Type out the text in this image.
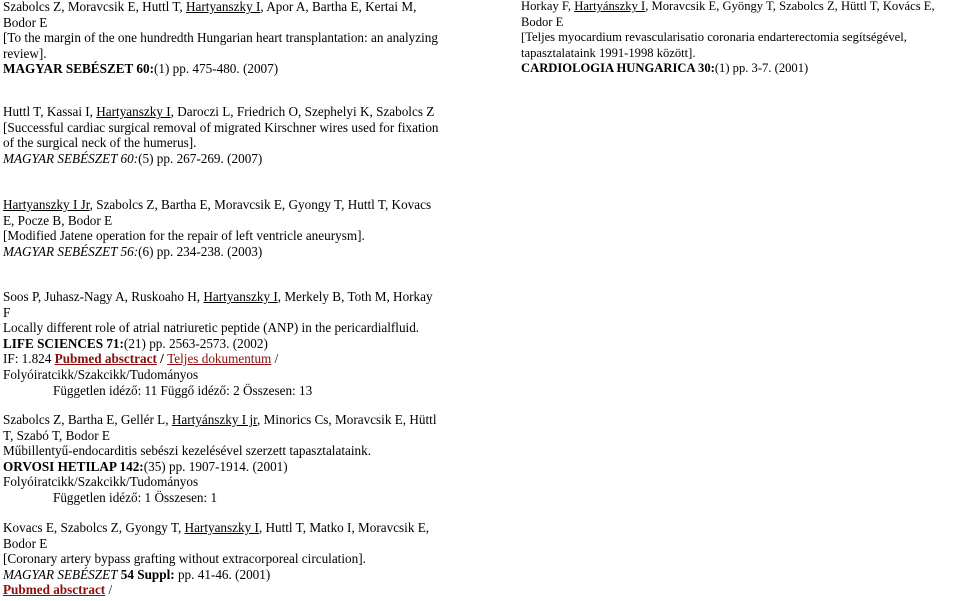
Szabolcs Z, Moravcsik E, Huttl T, Hartyanszky I, Apor A, Bartha E, Kertai M,
Bodor E
[To the margin of the one hundredth Hungarian heart transplantation: an analyzing
review].
MAGYAR SEBÉSZET 60:(1) pp. 475-480. (2007)
Horkay F, Hartyánszky I, Moravcsik E, Gyöngy T, Szabolcs Z, Hüttl T, Kovács E,
Bodor E
[Teljes myocardium revascularisatio coronaria endarterectomia segítségével,
tapasztalataink 1991-1998 között].
CARDIOLOGIA HUNGARICA 30:(1) pp. 3-7. (2001)
Huttl T, Kassai I, Hartyanszky I, Daroczi L, Friedrich O, Szephelyi K, Szabolcs Z
[Successful cardiac surgical removal of migrated Kirschner wires used for fixation
of the surgical neck of the humerus].
MAGYAR SEBÉSZET 60:(5) pp. 267-269. (2007)
Hartyanszky I Jr, Szabolcs Z, Bartha E, Moravcsik E, Gyongy T, Huttl T, Kovacs
E, Pocze B, Bodor E
[Modified Jatene operation for the repair of left ventricle aneurysm].
MAGYAR SEBÉSZET 56:(6) pp. 234-238. (2003)
Soos P, Juhasz-Nagy A, Ruskoaho H, Hartyanszky I, Merkely B, Toth M, Horkay
F
Locally different role of atrial natriuretic peptide (ANP) in the pericardialfluid.
LIFE SCIENCES 71:(21) pp. 2563-2573. (2002)
IF: 1.824 Pubmed absctract / Teljes dokumentum /
Folyóiratcikk/Szakcikk/Tudományos
Független idéző: 11 Függő idéző: 2 Összesen: 13
Szabolcs Z, Bartha E, Gellér L, Hartyánszky I jr, Minorics Cs, Moravcsik E, Hüttl
T, Szabó T, Bodor E
Műbillentyű-endocarditis sebészi kezelésével szerzett tapasztalataink.
ORVOSI HETILAP 142:(35) pp. 1907-1914. (2001)
Folyóiratcikk/Szakcikk/Tudományos
Független idéző: 1 Összesen: 1
Kovacs E, Szabolcs Z, Gyongy T, Hartyanszky I, Huttl T, Matko I, Moravcsik E,
Bodor E
[Coronary artery bypass grafting without extracorporeal circulation].
MAGYAR SEBÉSZET 54 Suppl: pp. 41-46. (2001)
Pubmed absctract /
